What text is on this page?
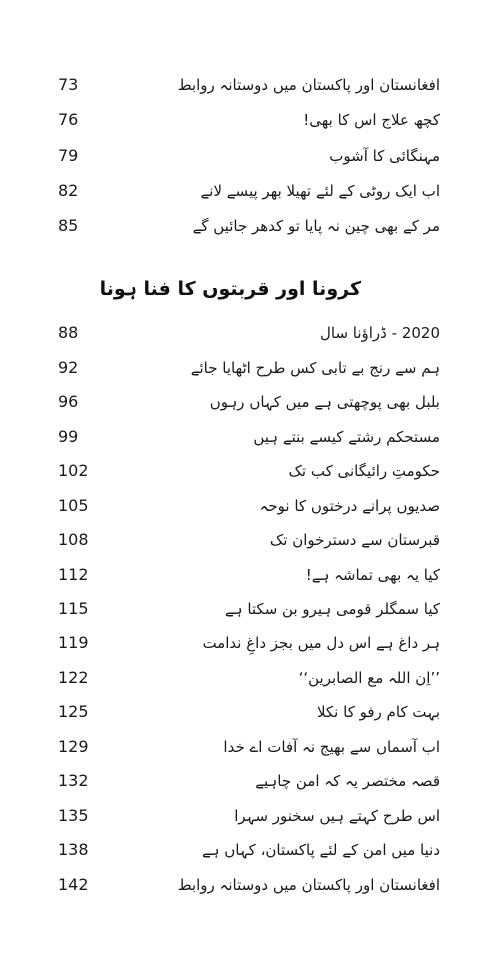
73	افغانستان اور پاکستان میں دوستانہ روابط
76	کچھ علاج اس کا بھی!
79	مہنگائی کا آشوب
82	اب ایک روٹی کے لئے تھیلا بھر پیسے لانے
85	مر کے بھی چین نہ پایا تو کدھر جائیں گے
کرونا اور قربتوں کا فنا ہونا
88	2020 - ڈراؤنا سال
92	ہم سے رنج بے تابی کس طرح اٹھایا جائے
96	بلبل بھی پوچھتی ہے میں کہاں رہوں
99	مستحکم رشتے کیسے بنتے ہیں
102	حکومتِ رائیگانی کب تک
105	صدیوں پرانے درختوں کا نوحہ
108	قبرستان سے دسترخوان تک
112	کیا یہ بھی تماشہ ہے!
115	کیا سمگلر قومی ہیرو بن سکتا ہے
119	ہر داغ ہے اس دل میں بجز داغِ ندامت
122	’’اِن اللہ مع الصابرین‘‘
125	بہت کام رفو کا نکلا
129	اب آسماں سے بھیج نہ آفات اے خدا
132	قصہ مختصر یہ کہ امن چاہیے
135	اس طرح کہتے ہیں سخنور سہرا
138	دنیا میں امن کے لئے پاکستان، کہاں ہے
142	افغانستان اور پاکستان میں دوستانہ روابط
